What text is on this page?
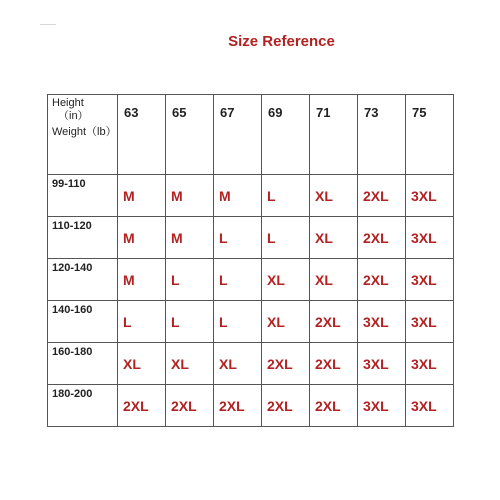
Size Reference
Height
（in）
Weight（lb）	63	65	67	69	71	73	75
99-110	M	M	M	L	XL	2XL	3XL
110-120	M	M	L	L	XL	2XL	3XL
120-140	M	L	L	XL	XL	2XL	3XL
140-160	L	L	L	XL	2XL	3XL	3XL
160-180	XL	XL	XL	2XL	2XL	3XL	3XL
180-200	2XL	2XL	2XL	2XL	2XL	3XL	3XL
